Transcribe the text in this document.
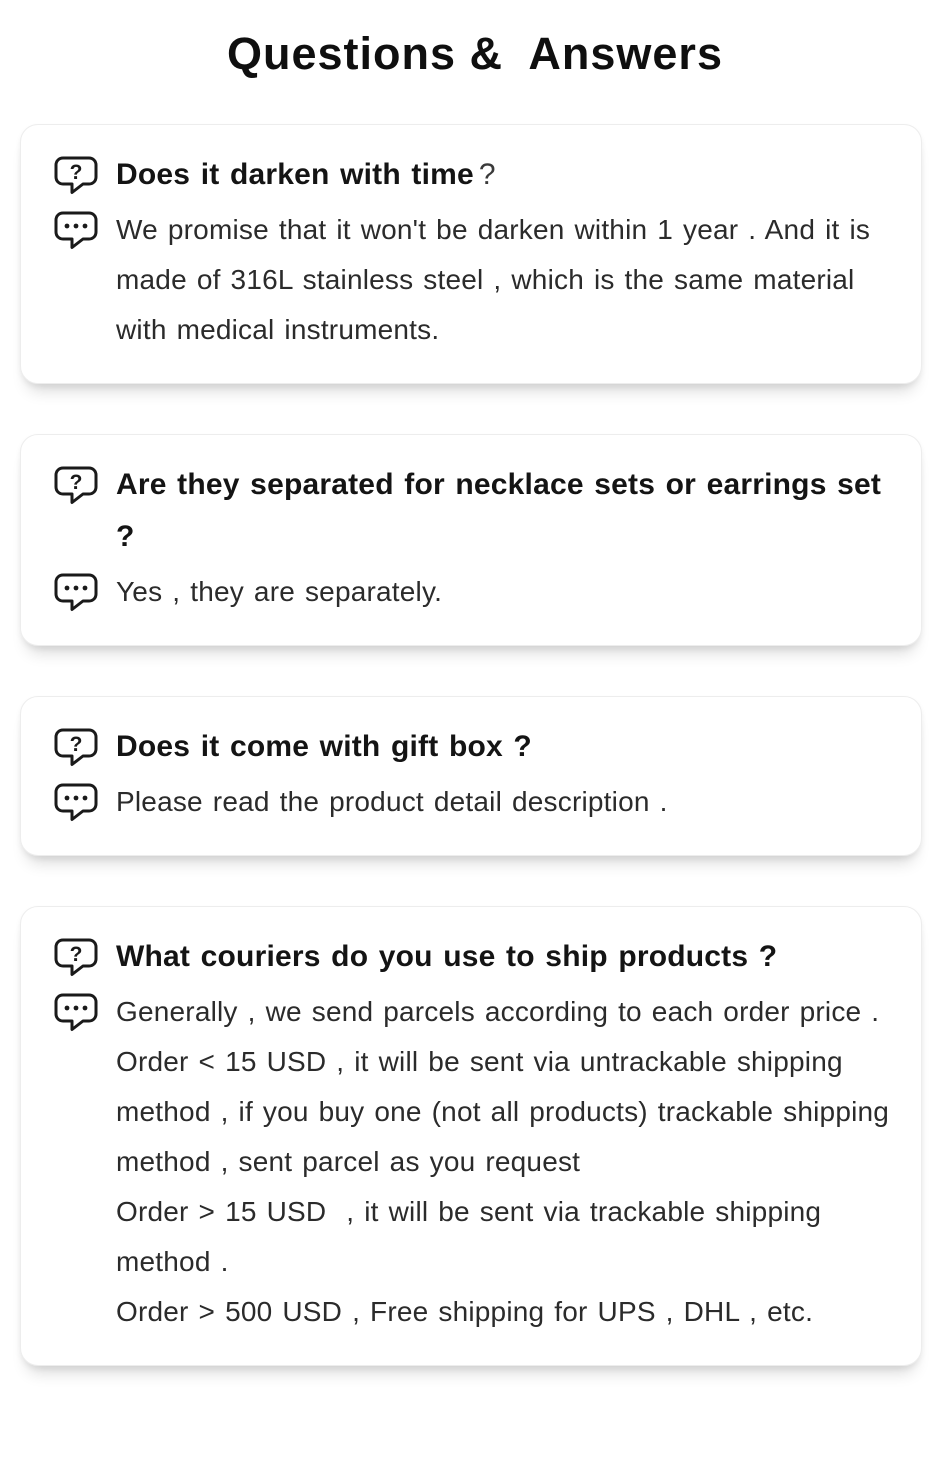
Questions &  Answers
? Does it darken with time ?

We promise that it won't be darken within 1 year . And it is made of 316L stainless steel , which is the same material with medical instruments.

? Are they separated for necklace sets or earrings set ?

Yes , they are separately.

? Does it come with gift box ?

Please read the product detail description .

? What couriers do you use to ship products ?

Generally , we send parcels according to each order price .

Order < 15 USD , it will be sent via untrackable shipping method , if you buy one (not all products) trackable shipping method , sent parcel as you request

Order > 15 USD  , it will be sent via trackable shipping method .

Order > 500 USD , Free shipping for UPS , DHL , etc.
